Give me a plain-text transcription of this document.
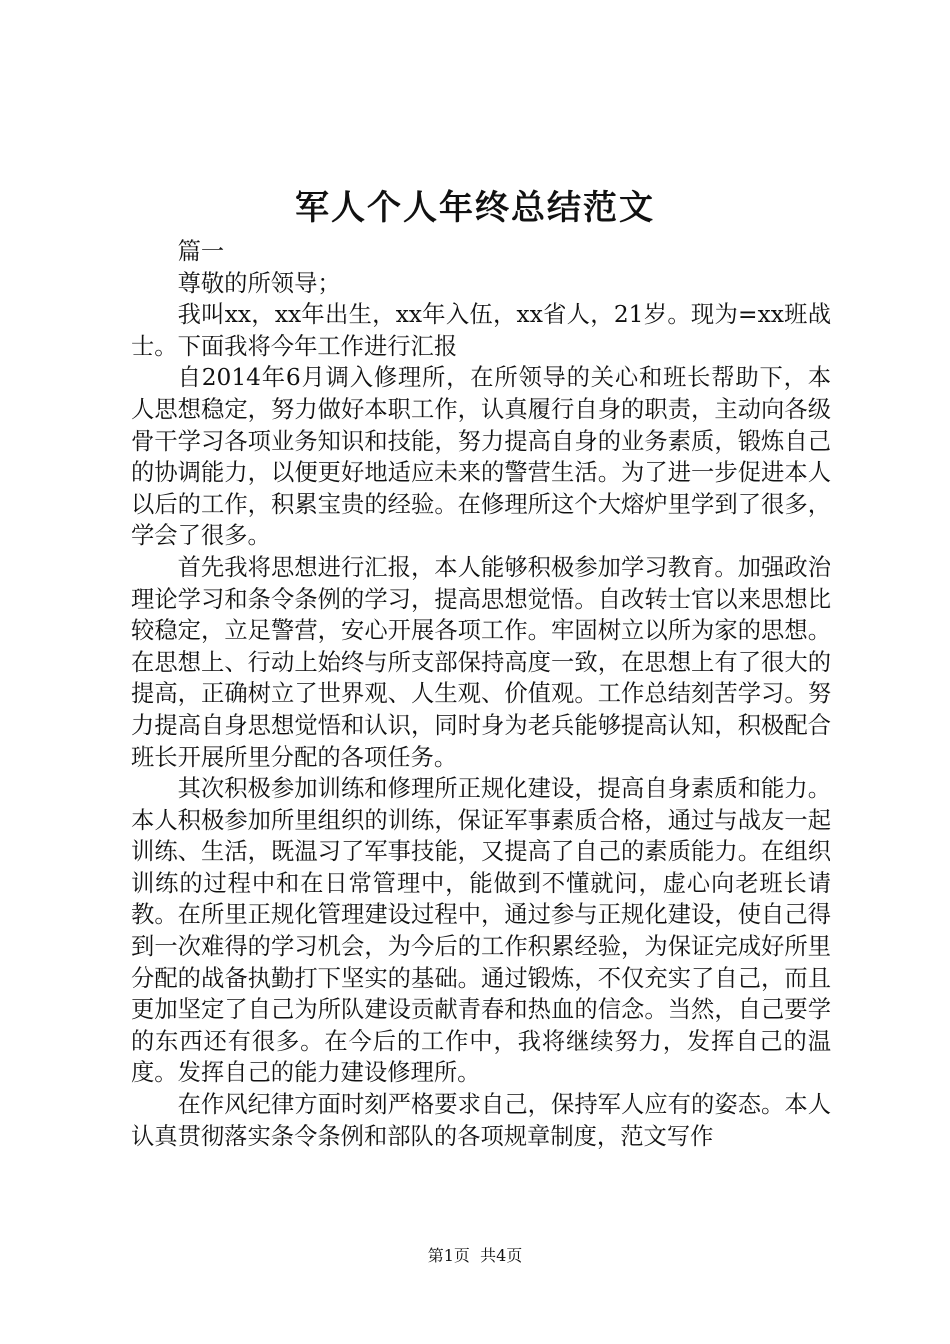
军人个人年终总结范文

篇一

尊敬的所领导；

我叫xx，xx年出生，xx年入伍，xx省人，21岁。现为=xx班战士。下面我将今年工作进行汇报

自2014年6月调入修理所，在所领导的关心和班长帮助下，本人思想稳定，努力做好本职工作，认真履行自身的职责，主动向各级骨干学习各项业务知识和技能，努力提高自身的业务素质，锻炼自己的协调能力，以便更好地适应未来的警营生活。为了进一步促进本人以后的工作，积累宝贵的经验。在修理所这个大熔炉里学到了很多，学会了很多。

首先我将思想进行汇报，本人能够积极参加学习教育。加强政治理论学习和条令条例的学习，提高思想觉悟。自改转士官以来思想比较稳定，立足警营，安心开展各项工作。牢固树立以所为家的思想。在思想上、行动上始终与所支部保持高度一致，在思想上有了很大的提高，正确树立了世界观、人生观、价值观。工作总结刻苦学习。努力提高自身思想觉悟和认识，同时身为老兵能够提高认知，积极配合班长开展所里分配的各项任务。

其次积极参加训练和修理所正规化建设，提高自身素质和能力。本人积极参加所里组织的训练，保证军事素质合格，通过与战友一起训练、生活，既温习了军事技能，又提高了自己的素质能力。在组织训练的过程中和在日常管理中，能做到不懂就问，虚心向老班长请教。在所里正规化管理建设过程中，通过参与正规化建设，使自己得到一次难得的学习机会，为今后的工作积累经验，为保证完成好所里分配的战备执勤打下坚实的基础。通过锻炼，不仅充实了自己，而且更加坚定了自己为所队建设贡献青春和热血的信念。当然，自己要学的东西还有很多。在今后的工作中，我将继续努力，发挥自己的温度。发挥自己的能力建设修理所。

在作风纪律方面时刻严格要求自己，保持军人应有的姿态。本人认真贯彻落实条令条例和部队的各项规章制度，范文写作

第1页 共4页
